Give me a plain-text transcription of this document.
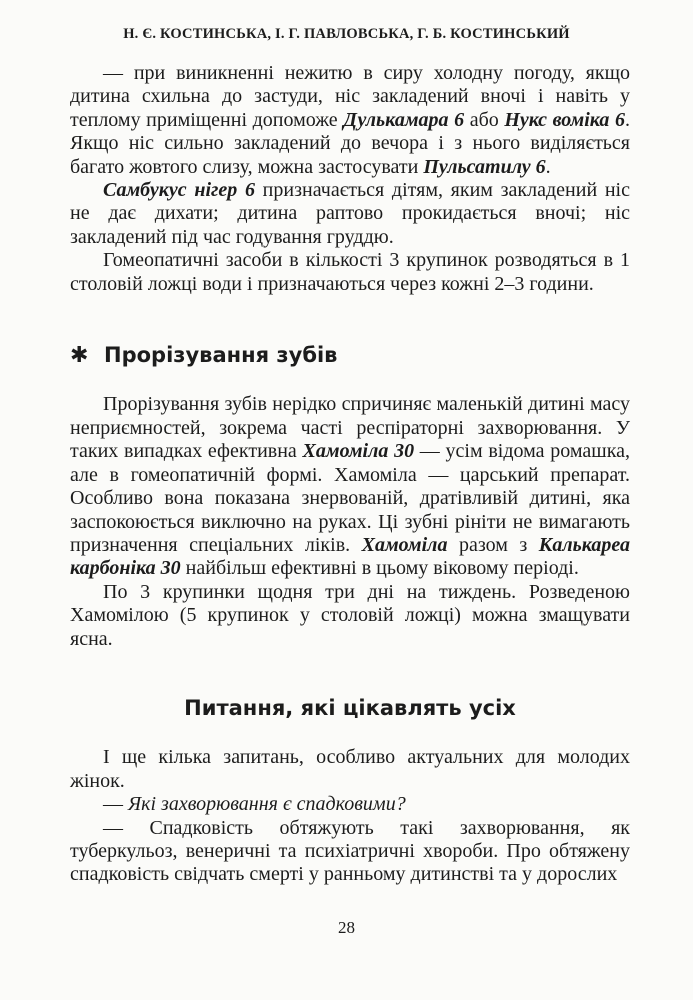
Н. Є. КОСТИНСЬКА, І. Г. ПАВЛОВСЬКА, Г. Б. КОСТИНСЬКИЙ

— при виникненні нежитю в сиру холодну погоду, якщо дитина схильна до застуди, ніс закладений вночі і навіть у теплому приміщенні допоможе Дулькамара 6 або Нукс воміка 6. Якщо ніс сильно закладений до вечора і з нього виділяється багато жовтого слизу, можна застосувати Пульсатилу 6.

Самбукус нігер 6 призначається дітям, яким закладений ніс не дає дихати; дитина раптово прокидається вночі; ніс закладений під час годування груддю.

Гомеопатичні засоби в кількості 3 крупинок розводяться в 1 столовій ложці води і призначаються через кожні 2–3 години.

✱ Прорізування зубів

Прорізування зубів нерідко спричиняє маленькій дитині масу неприємностей, зокрема часті респіраторні захворювання. У таких випадках ефективна Хамоміла 30 — усім відома ромашка, але в гомеопатичній формі. Хамоміла — царський препарат. Особливо вона показана знервованій, дратівливій дитині, яка заспокоюється виключно на руках. Ці зубні рініти не вимагають призначення спеціальних ліків. Хамоміла разом з Калькареа карбоніка 30 найбільш ефективні в цьому віковому періоді.

По 3 крупинки щодня три дні на тиждень. Розведеною Хамомілою (5 крупинок у столовій ложці) можна змащувати ясна.

Питання, які цікавлять усіх

І ще кілька запитань, особливо актуальних для молодих жінок.

— Які захворювання є спадковими?

— Спадковість обтяжують такі захворювання, як туберкульоз, венеричні та психіатричні хвороби. Про обтяжену спадковість свідчать смерті у ранньому дитинстві та у дорослих

28
